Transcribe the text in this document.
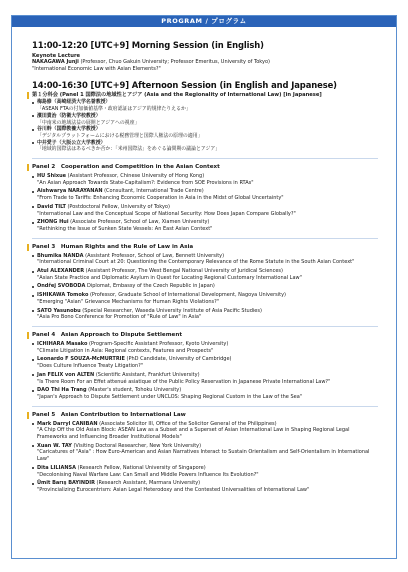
PROGRAM / プログラム
11:00-12:20 [UTC+9] Morning Session (in English)
Keynote Lecture
NAKAGAWA Junji (Professor, Chuo Gakuin University; Professor Emeritus, University of Tokyo)
"International Economic Law with Asian Elements?"
14:00-16:30 [UTC+9] Afternoon Session (in English and Japanese)
第１分科会 (Panel 1 国際法の地域性とアジア (Asia and the Regionality of International Law) [in Japanese]
梅島修（高崎経済大学名誉教授）
「ASEAN FTAの付加価値基準・政府認証はアジア的規律たりえるか」
濱田貴治（防衛大学校教授）
「中南米の地域法益の展開とアジアへの視座」
谷川幹（国際教養大学教授）
「デジタルプラットフォームにおける税務管理と国際人権法の原理の適用」
中井愛子（大阪公立大学教授）
「地域的国際法はあるべきか否か：「米州国際法」をめぐる論問期の議論とアジア」
Panel 2　Cooperation and Competition in the Asian Context
HU Shixue (Assistant Professor, Chinese University of Hong Kong)
"An Asian Approach Towards State-Capitalism?: Evidence from SOE Provisions in RTAs"
Aishwarya NARAYANAN (Consultant, International Trade Centre)
"From Trade to Tariffs: Enhancing Economic Cooperation in Asia in the Midst of Global Uncertainty"
David TILT (Postdoctoral Fellow, University of Tokyo)
"International Law and the Conceptual Scope of National Security: How Does Japan Compare Globally?"
ZHONG Hui (Associate Professor, School of Law, Xiamen University)
"Rethinking the Issue of Sunken State Vessels: An East Asian Context"
Panel 3　Human Rights and the Rule of Law in Asia
Bhumika NANDA (Assistant Professor, School of Law, Bennett University)
"International Criminal Court at 20: Questioning the Contemporary Relevance of the Rome Statute in the South Asian Context"
Atul ALEXANDER (Assistant Professor, The West Bengal National University of Juridical Sciences)
"Asian State Practice and Diplomatic Asylum in Quest for Locating Regional Customary International Law"
Ondřej SVOBODA Diplomat, Embassy of the Czech Republic in Japan)
ISHIKAWA Tomoko (Professor, Graduate School of International Development, Nagoya University)
"Emerging "Asian" Grievance Mechanisms for Human Rights Violations?"
SATO Yasunobu (Special Researcher, Waseda University Institute of Asia Pacific Studies)
"Asia Pro Bono Conference for Promotion of "Rule of Law" in Asia"
Panel 4　Asian Approach to Dispute Settlement
ICHIHARA Masako (Program-Specific Assistant Professor, Kyoto University)
"Climate Litigation in Asia: Regional contexts, Features and Prospects"
Leonardo F SOUZA-McMURTRIE (PhD Candidate, University of Cambridge)
"Does Culture Influence Treaty Litigation?"
Jan FELIX von ALTEN (Scientific Assistant, Frankfurt University)
"Is There Room For an Effet attenué asiatique of the Public Policy Reservation in Japanese Private International Law?"
DAO Thi Ha Trang (Master's student, Tohoku University)
"Japan's Approach to Dispute Settlement under UNCLOS: Shaping Regional Custom in the Law of the Sea"
Panel 5　Asian Contribution to International Law
Mark Darryl CANIBAN (Associate Solicitor III, Office of the Solicitor General of the Philippines)
"A Chip Off the Old Asian Block: ASEAN Law as a Subset and a Superset of Asian International Law in Shaping Regional Legal Frameworks and Influencing Broader Institutional Models"
Xuan W. TAY (Visiting Doctoral Researcher, New York University)
"Caricatures of "Asia" : How Euro-American and Asian Narratives Interact to Sustain Orientalism and Self-Orientalism in International Law"
Dita LILIANSA (Research Fellow, National University of Singapore)
"Decolonising Naval Warfare Law: Can Small and Middle Powers Influence Its Evolution?"
Ümit Barış BAYINDIR (Research Assistant, Marmara University)
"Provincializing Eurocentrism: Asian Legal Heterodoxy and the Contested Universalities of International Law"
